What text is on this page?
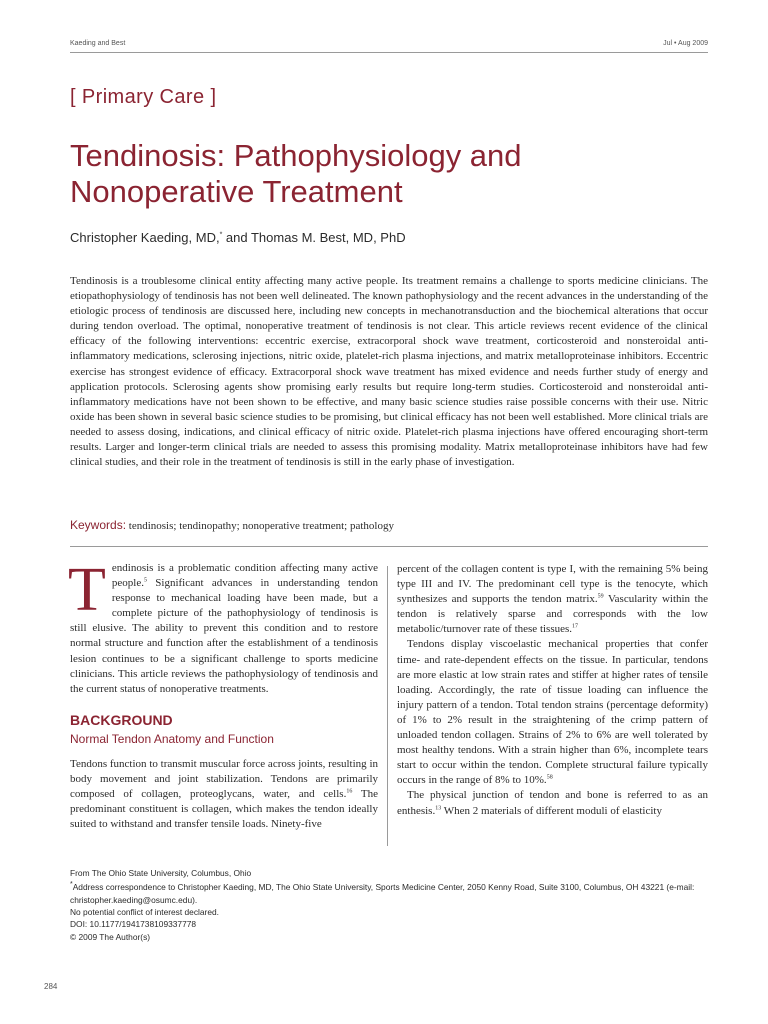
Kaeding and Best	Jul • Aug 2009
[ Primary Care ]
Tendinosis: Pathophysiology and Nonoperative Treatment
Christopher Kaeding, MD,* and Thomas M. Best, MD, PhD
Tendinosis is a troublesome clinical entity affecting many active people. Its treatment remains a challenge to sports medicine clinicians. The etiopathophysiology of tendinosis has not been well delineated. The known pathophysiology and the recent advances in the understanding of the etiologic process of tendinosis are discussed here, including new concepts in mechanotransduction and the biochemical alterations that occur during tendon overload. The optimal, nonoperative treatment of tendinosis is not clear. This article reviews recent evidence of the clinical efficacy of the following interventions: eccentric exercise, extracorporal shock wave treatment, corticosteroid and nonsteroidal anti-inflammatory medications, sclerosing injections, nitric oxide, platelet-rich plasma injections, and matrix metalloproteinase inhibitors. Eccentric exercise has strongest evidence of efficacy. Extracorporal shock wave treatment has mixed evidence and needs further study of energy and application protocols. Sclerosing agents show promising early results but require long-term studies. Corticosteroid and nonsteroidal anti-inflammatory medications have not been shown to be effective, and many basic science studies raise possible concerns with their use. Nitric oxide has been shown in several basic science studies to be promising, but clinical efficacy has not been well established. More clinical trials are needed to assess dosing, indications, and clinical efficacy of nitric oxide. Platelet-rich plasma injections have offered encouraging short-term results. Larger and longer-term clinical trials are needed to assess this promising modality. Matrix metalloproteinase inhibitors have had few clinical studies, and their role in the treatment of tendinosis is still in the early phase of investigation.
Keywords: tendinosis; tendinopathy; nonoperative treatment; pathology

Tendinosis is a problematic condition affecting many active people.$^5$ Significant advances in understanding tendon response to mechanical loading have been made, but a complete picture of the pathophysiology of tendinosis is still elusive. The ability to prevent this condition and to restore normal structure and function after the establishment of a tendinosis lesion continues to be a significant challenge to sports medicine clinicians. This article reviews the pathophysiology of tendinosis and the current status of nonoperative treatments.

BACKGROUND

Normal Tendon Anatomy and Function

Tendons function to transmit muscular force across joints, resulting in body movement and joint stabilization. Tendons are primarily composed of collagen, proteoglycans, water, and cells.$^{16}$ The predominant constituent is collagen, which makes the tendon ideally suited to withstand and transfer tensile loads. Ninety-five

percent of the collagen content is type I, with the remaining 5% being type III and IV. The predominant cell type is the tenocyte, which synthesizes and supports the tendon matrix.$^{59}$ Vascularity within the tendon is relatively sparse and corresponds with the low metabolic/turnover rate of these tissues.$^{17}$

Tendons display viscoelastic mechanical properties that confer time- and rate-dependent effects on the tissue. In particular, tendons are more elastic at low strain rates and stiffer at higher rates of tensile loading. Accordingly, the rate of tissue loading can influence the injury pattern of a tendon. Total tendon strains (percentage deformity) of 1% to 2% result in the straightening of the crimp pattern of unloaded tendon collagen. Strains of 2% to 6% are well tolerated by most healthy tendons. With a strain higher than 6%, incomplete tears start to occur within the tendon. Complete structural failure typically occurs in the range of 8% to 10%.$^{58}$

The physical junction of tendon and bone is referred to as an enthesis.$^{13}$ When 2 materials of different moduli of elasticity

From The Ohio State University, Columbus, Ohio
*Address correspondence to Christopher Kaeding, MD, The Ohio State University, Sports Medicine Center, 2050 Kenny Road, Suite 3100, Columbus, OH 43221 (e-mail: christopher.kaeding@osumc.edu).
No potential conflict of interest declared.
DOI: 10.1177/1941738109337778
© 2009 The Author(s)
284
